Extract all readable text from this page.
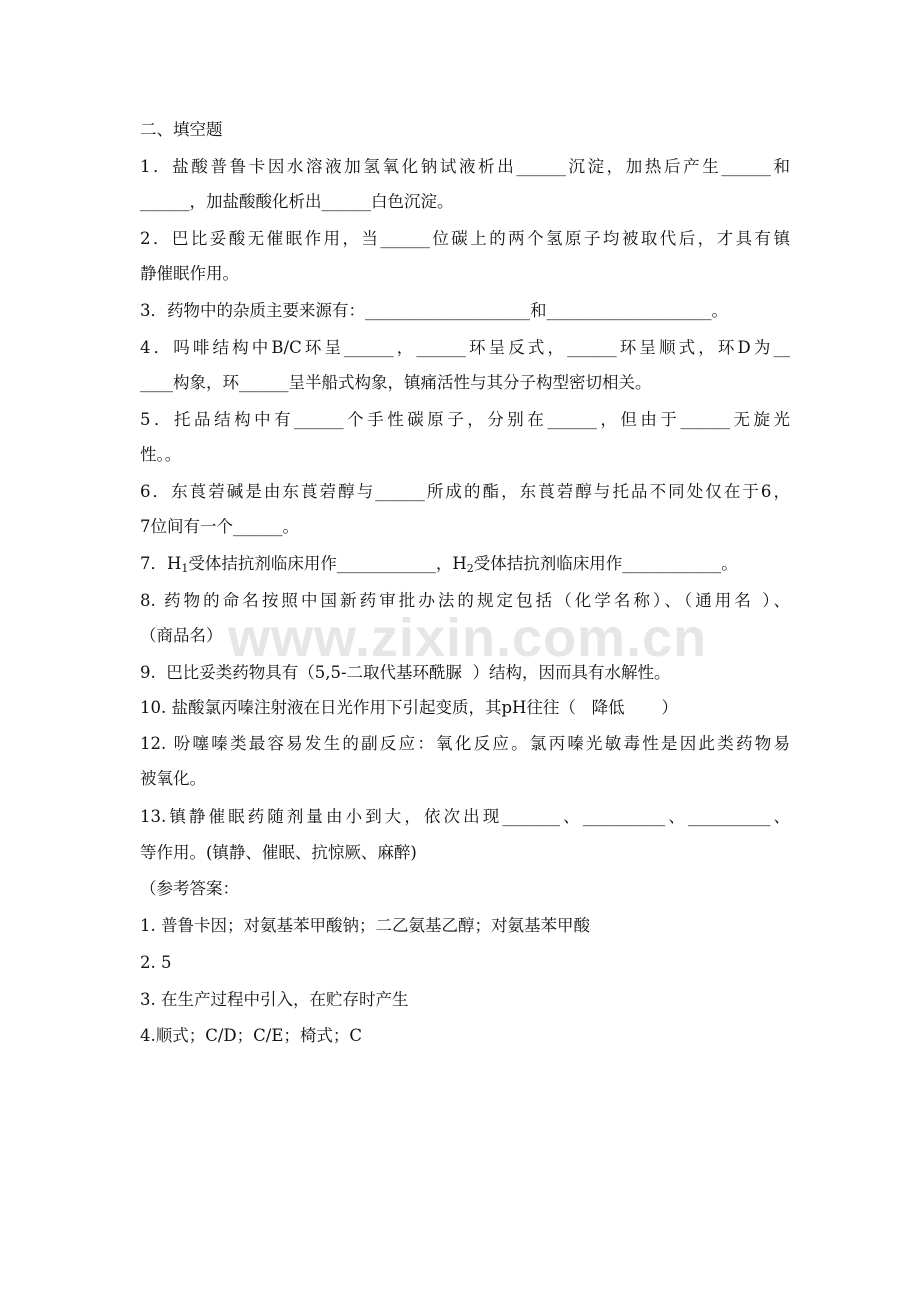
www.zixin.com.cn
二、填空题
1．盐酸普鲁卡因水溶液加氢氧化钠试液析出______沉淀，加热后产生______和
______，加盐酸酸化析出______白色沉淀。
2．巴比妥酸无催眠作用，当______位碳上的两个氢原子均被取代后，才具有镇
静催眠作用。
3．药物中的杂质主要来源有：____________________和____________________。
4．吗啡结构中B/C环呈______，______环呈反式，______环呈顺式，环D为__
____构象，环______呈半船式构象，镇痛活性与其分子构型密切相关。
5．托品结构中有______个手性碳原子，分别在______，但由于______无旋光
性。。
6．东莨菪碱是由东莨菪醇与______所成的酯，东莨菪醇与托品不同处仅在于6，
7位间有一个______。
7．$H_1$受体拮抗剂临床用作____________，$H_2$受体拮抗剂临床用作____________。
8. 药物的命名按照中国新药审批办法的规定包括（化学名称）、（通用名 ）、
（商品名）
9.  巴比妥类药物具有（5,5-二取代基环酰脲  ）结构，因而具有水解性。
10. 盐酸氯丙嗪注射液在日光作用下引起变质，其pH往往（   降低       ）
12. 吩噻嗪类最容易发生的副反应：氧化反应。氯丙嗪光敏毒性是因此类药物易
被氧化。
13.镇静催眠药随剂量由小到大，依次出现_______、__________、__________、
等作用。(镇静、催眠、抗惊厥、麻醉)
（参考答案：
1. 普鲁卡因；对氨基苯甲酸钠；二乙氨基乙醇；对氨基苯甲酸
2. 5
3. 在生产过程中引入，在贮存时产生
4.顺式；C/D；C/E；椅式；C
